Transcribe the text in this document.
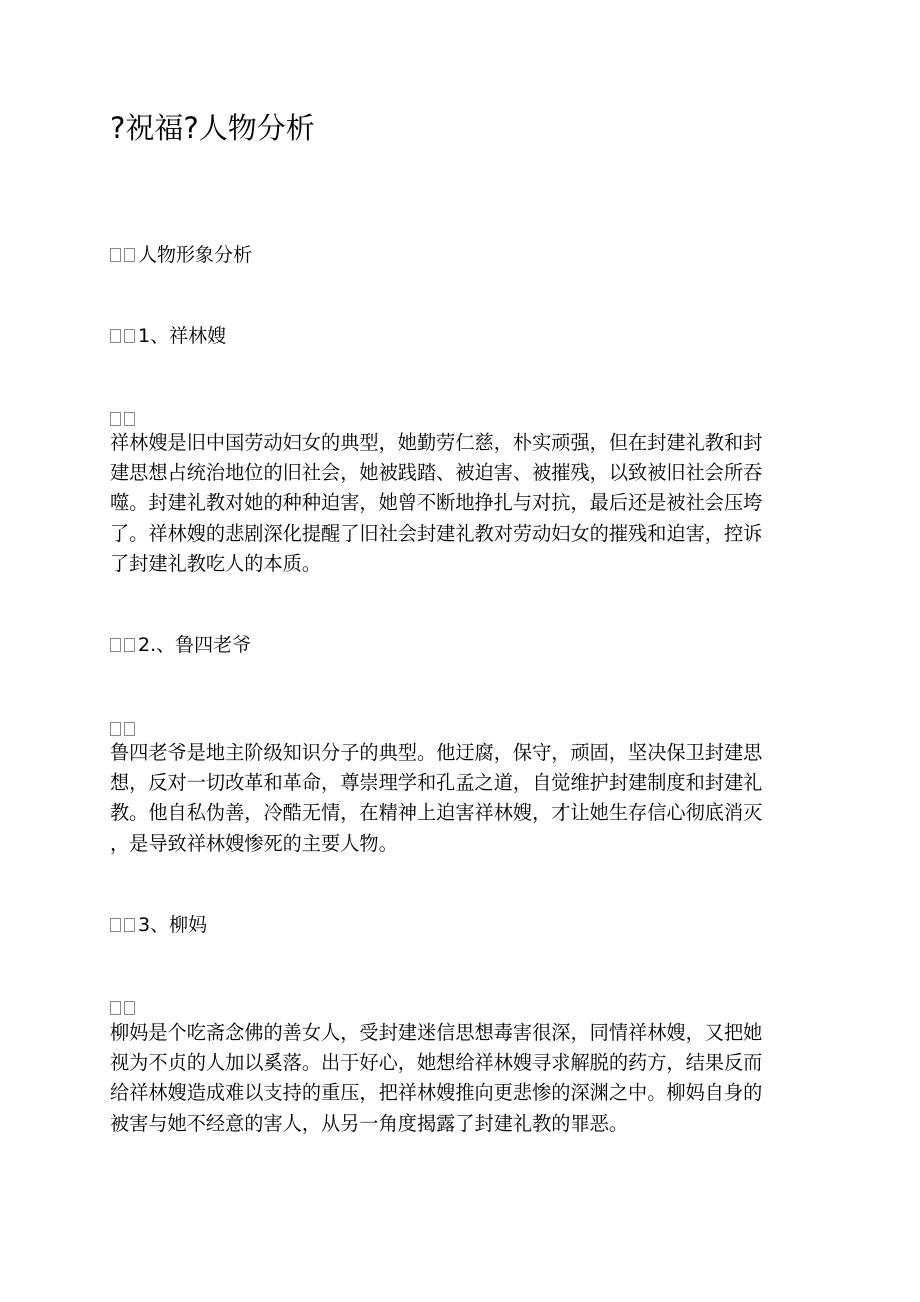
?祝福?人物分析
人物形象分析
1、祥林嫂
祥林嫂是旧中国劳动妇女的典型，她勤劳仁慈，朴实顽强，但在封建礼教和封
建思想占统治地位的旧社会，她被践踏、被迫害、被摧残，以致被旧社会所吞
噬。封建礼教对她的种种迫害，她曾不断地挣扎与对抗，最后还是被社会压垮
了。祥林嫂的悲剧深化提醒了旧社会封建礼教对劳动妇女的摧残和迫害，控诉
了封建礼教吃人的本质。
2.、鲁四老爷
鲁四老爷是地主阶级知识分子的典型。他迂腐，保守，顽固，坚决保卫封建思
想，反对一切改革和革命，尊崇理学和孔孟之道，自觉维护封建制度和封建礼
教。他自私伪善，冷酷无情，在精神上迫害祥林嫂，才让她生存信心彻底消灭
，是导致祥林嫂惨死的主要人物。
3、柳妈
柳妈是个吃斋念佛的善女人，受封建迷信思想毒害很深，同情祥林嫂，又把她
视为不贞的人加以奚落。出于好心，她想给祥林嫂寻求解脱的药方，结果反而
给祥林嫂造成难以支持的重压，把祥林嫂推向更悲惨的深渊之中。柳妈自身的
被害与她不经意的害人，从另一角度揭露了封建礼教的罪恶。
